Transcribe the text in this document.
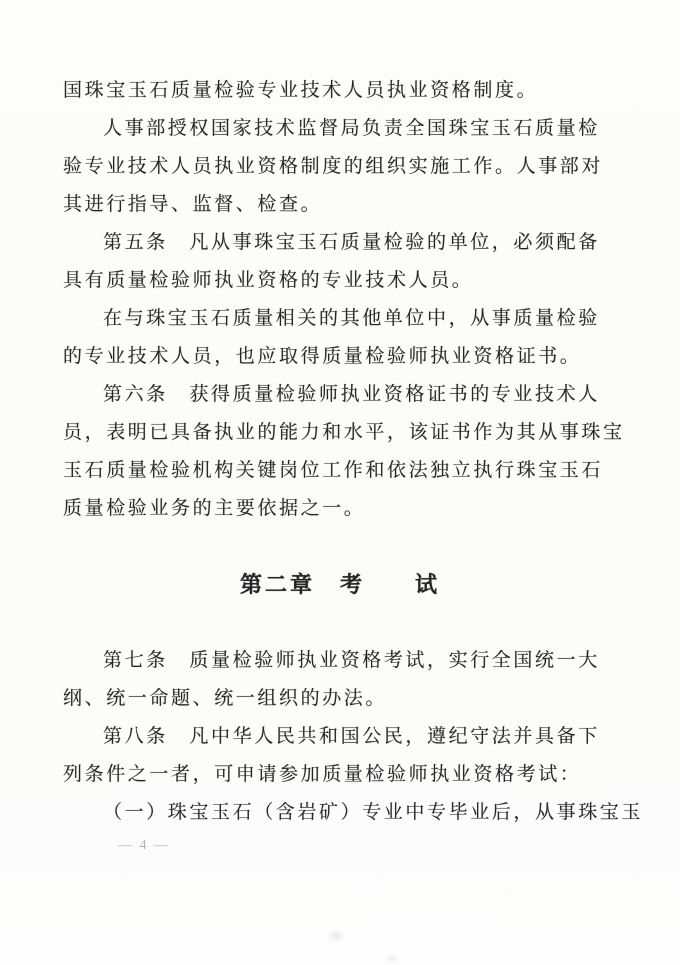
国珠宝玉石质量检验专业技术人员执业资格制度。
人事部授权国家技术监督局负责全国珠宝玉石质量检
验专业技术人员执业资格制度的组织实施工作。人事部对
其进行指导、监督、检查。
第五条　凡从事珠宝玉石质量检验的单位，必须配备
具有质量检验师执业资格的专业技术人员。
在与珠宝玉石质量相关的其他单位中，从事质量检验
的专业技术人员，也应取得质量检验师执业资格证书。
第六条　获得质量检验师执业资格证书的专业技术人
员，表明已具备执业的能力和水平，该证书作为其从事珠宝
玉石质量检验机构关键岗位工作和依法独立执行珠宝玉石
质量检验业务的主要依据之一。
第二章　考　　试
第七条　质量检验师执业资格考试，实行全国统一大
纲、统一命题、统一组织的办法。
第八条　凡中华人民共和国公民，遵纪守法并具备下
列条件之一者，可申请参加质量检验师执业资格考试：
（一）珠宝玉石（含岩矿）专业中专毕业后，从事珠宝玉
— 4 —
